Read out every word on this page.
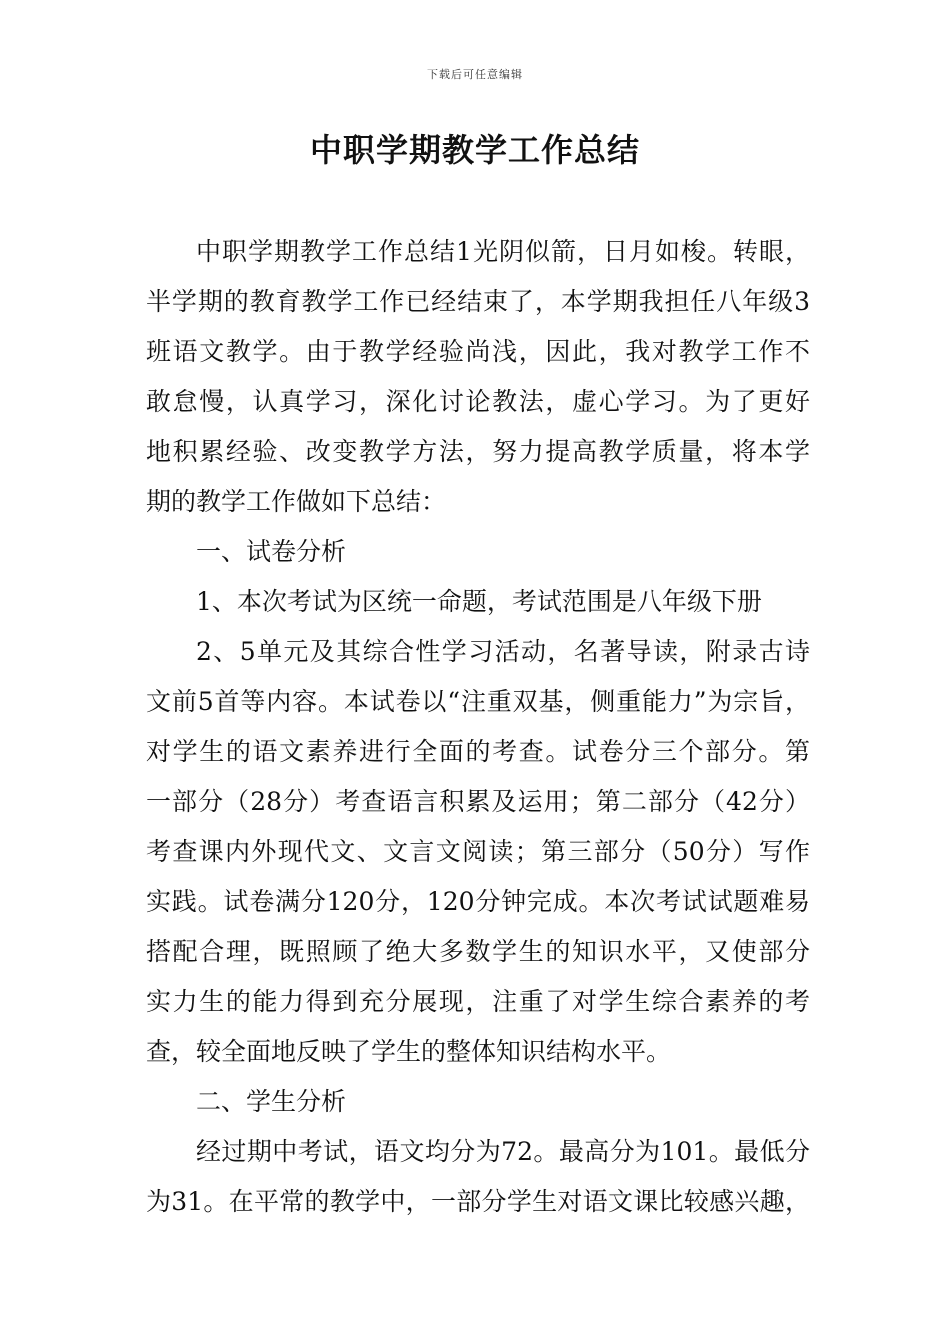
下载后可任意编辑
中职学期教学工作总结
中职学期教学工作总结1光阴似箭，日月如梭。转眼，
半学期的教育教学工作已经结束了，本学期我担任八年级3
班语文教学。由于教学经验尚浅，因此，我对教学工作不
敢怠慢，认真学习，深化讨论教法，虚心学习。为了更好
地积累经验、改变教学方法，努力提高教学质量，将本学
期的教学工作做如下总结：
一、试卷分析
1、本次考试为区统一命题，考试范围是八年级下册
2、5单元及其综合性学习活动，名著导读，附录古诗
文前5首等内容。本试卷以“注重双基，侧重能力”为宗旨，
对学生的语文素养进行全面的考查。试卷分三个部分。第
一部分（28分）考查语言积累及运用；第二部分（42分）
考查课内外现代文、文言文阅读；第三部分（50分）写作
实践。试卷满分120分，120分钟完成。本次考试试题难易
搭配合理，既照顾了绝大多数学生的知识水平，又使部分
实力生的能力得到充分展现，注重了对学生综合素养的考
查，较全面地反映了学生的整体知识结构水平。
二、学生分析
经过期中考试，语文均分为72。最高分为101。最低分
为31。在平常的教学中，一部分学生对语文课比较感兴趣，
